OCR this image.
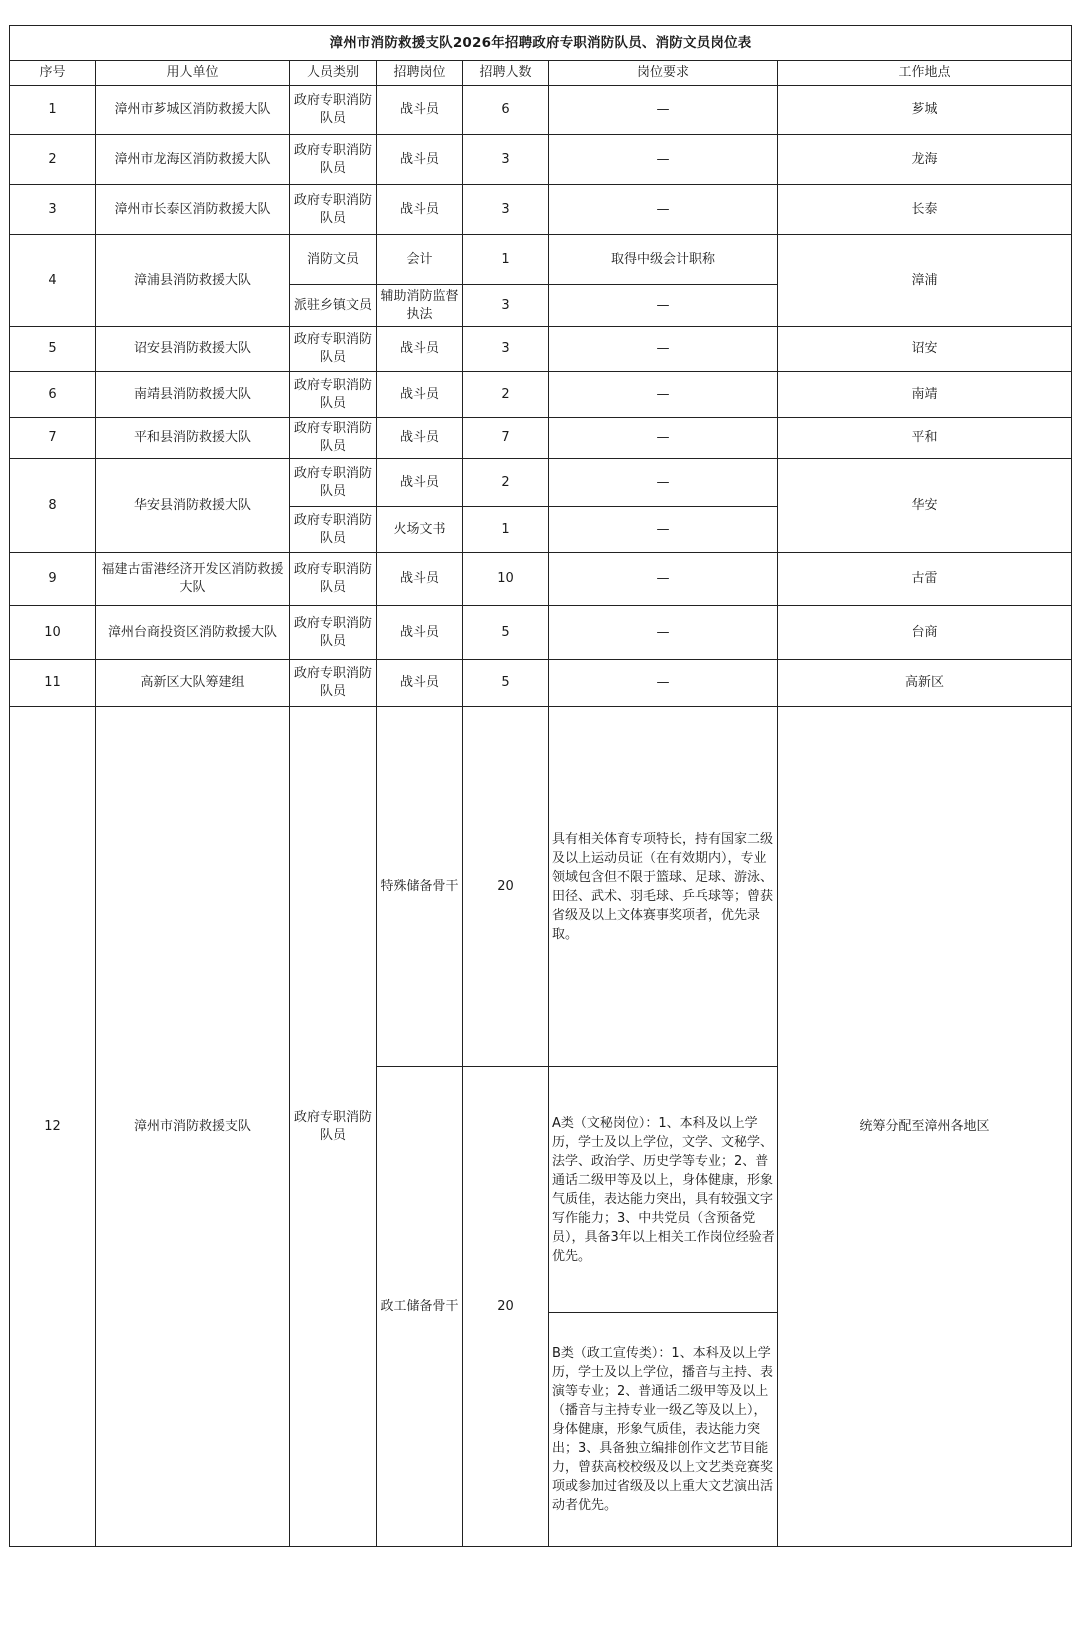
漳州市消防救援支队2026年招聘政府专职消防队员、消防文员岗位表						
序号	用人单位	人员类别	招聘岗位	招聘人数	岗位要求	工作地点
1	漳州市芗城区消防救援大队	政府专职消防队员	战斗员	6	—	芗城
2	漳州市龙海区消防救援大队	政府专职消防队员	战斗员	3	—	龙海
3	漳州市长泰区消防救援大队	政府专职消防队员	战斗员	3	—	长泰
4	漳浦县消防救援大队	消防文员	会计	1	取得中级会计职称	漳浦
		派驻乡镇文员	辅助消防监督执法	3	—	
5	诏安县消防救援大队	政府专职消防队员	战斗员	3	—	诏安
6	南靖县消防救援大队	政府专职消防队员	战斗员	2	—	南靖
7	平和县消防救援大队	政府专职消防队员	战斗员	7	—	平和
8	华安县消防救援大队	政府专职消防队员	战斗员	2	—	华安
		政府专职消防队员	火场文书	1	—	
9	福建古雷港经济开发区消防救援大队	政府专职消防队员	战斗员	10	—	古雷
10	漳州台商投资区消防救援大队	政府专职消防队员	战斗员	5	—	台商
11	高新区大队筹建组	政府专职消防队员	战斗员	5	—	高新区
12	漳州市消防救援支队	政府专职消防队员	特殊储备骨干	20	具有相关体育专项特长，持有国家二级及以上运动员证（在有效期内），专业领域包含但不限于篮球、足球、游泳、田径、武术、羽毛球、乒乓球等；曾获省级及以上文体赛事奖项者，优先录取。	统筹分配至漳州各地区
			政工储备骨干	20	A类（文秘岗位）：1、本科及以上学历，学士及以上学位，文学、文秘学、法学、政治学、历史学等专业；2、普通话二级甲等及以上，身体健康，形象气质佳，表达能力突出，具有较强文字写作能力；3、中共党员（含预备党员），具备3年以上相关工作岗位经验者优先。	
					B类（政工宣传类）：1、本科及以上学历，学士及以上学位，播音与主持、表演等专业；2、普通话二级甲等及以上（播音与主持专业一级乙等及以上），身体健康，形象气质佳，表达能力突出；3、具备独立编排创作文艺节目能力，曾获高校校级及以上文艺类竞赛奖项或参加过省级及以上重大文艺演出活动者优先。	
